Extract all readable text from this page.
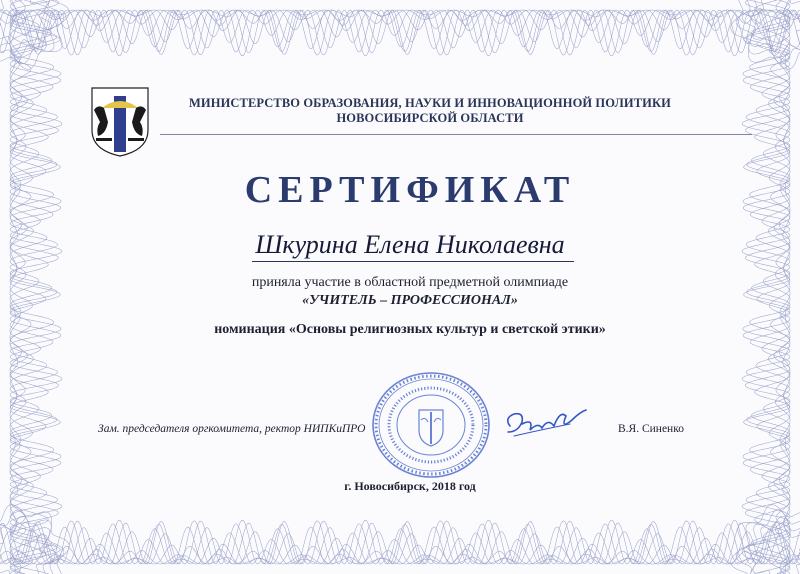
МИНИСТЕРСТВО ОБРАЗОВАНИЯ, НАУКИ И ИННОВАЦИОННОЙ ПОЛИТИКИ
НОВОСИБИРСКОЙ ОБЛАСТИ
СЕРТИФИКАТ
Шкурина Елена Николаевна
приняла участие в областной предметной олимпиаде
«УЧИТЕЛЬ – ПРОФЕССИОНАЛ»
номинация «Основы религиозных культур и светской этики»
Зам. председателя оргкомитета, ректор НИПКиПРО	В.Я. Синенко
г. Новосибирск, 2018 год
